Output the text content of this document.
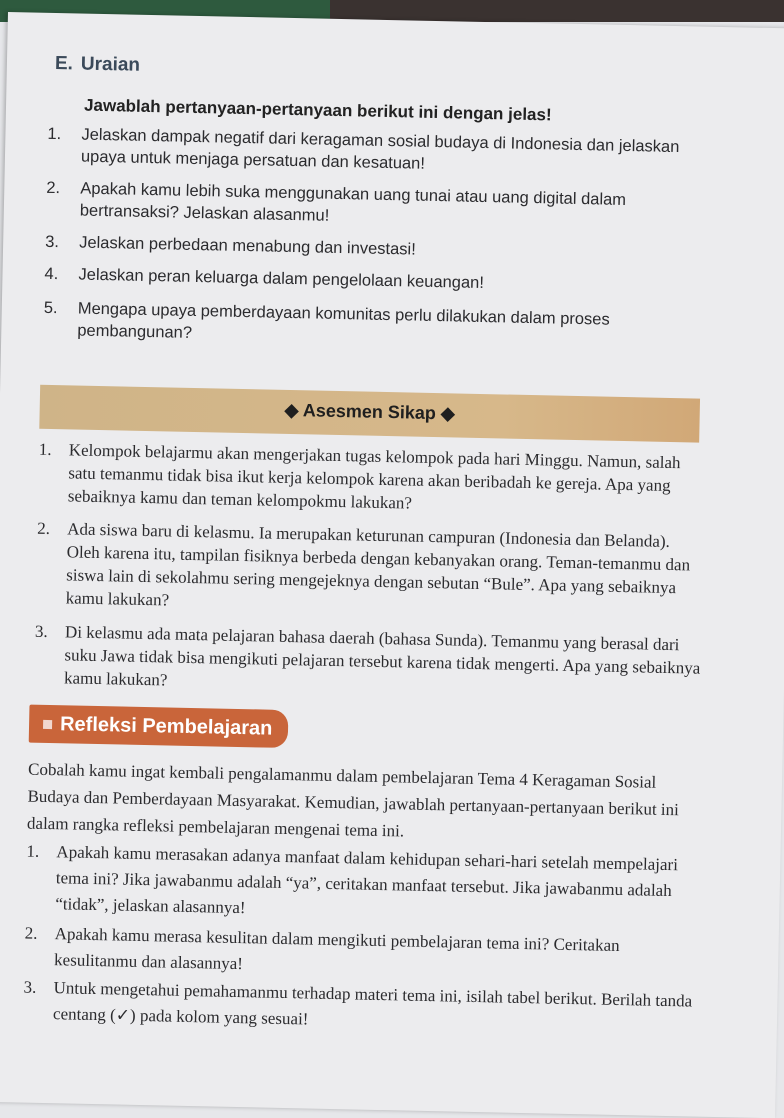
E. Uraian
Jawablah pertanyaan-pertanyaan berikut ini dengan jelas!
1. Jelaskan dampak negatif dari keragaman sosial budaya di Indonesia dan jelaskan upaya untuk menjaga persatuan dan kesatuan!
2. Apakah kamu lebih suka menggunakan uang tunai atau uang digital dalam bertransaksi? Jelaskan alasanmu!
3. Jelaskan perbedaan menabung dan investasi!
4. Jelaskan peran keluarga dalam pengelolaan keuangan!
5. Mengapa upaya pemberdayaan komunitas perlu dilakukan dalam proses pembangunan?
◆ Asesmen Sikap ◆
1. Kelompok belajarmu akan mengerjakan tugas kelompok pada hari Minggu. Namun, salah satu temanmu tidak bisa ikut kerja kelompok karena akan beribadah ke gereja. Apa yang sebaiknya kamu dan teman kelompokmu lakukan?
2. Ada siswa baru di kelasmu. Ia merupakan keturunan campuran (Indonesia dan Belanda). Oleh karena itu, tampilan fisiknya berbeda dengan kebanyakan orang. Teman-temanmu dan siswa lain di sekolahmu sering mengejeknya dengan sebutan “Bule”. Apa yang sebaiknya kamu lakukan?
3. Di kelasmu ada mata pelajaran bahasa daerah (bahasa Sunda). Temanmu yang berasal dari suku Jawa tidak bisa mengikuti pelajaran tersebut karena tidak mengerti. Apa yang sebaiknya kamu lakukan?
Refleksi Pembelajaran
Cobalah kamu ingat kembali pengalamanmu dalam pembelajaran Tema 4 Keragaman Sosial Budaya dan Pemberdayaan Masyarakat. Kemudian, jawablah pertanyaan-pertanyaan berikut ini dalam rangka refleksi pembelajaran mengenai tema ini.
1. Apakah kamu merasakan adanya manfaat dalam kehidupan sehari-hari setelah mempelajari tema ini? Jika jawabanmu adalah “ya”, ceritakan manfaat tersebut. Jika jawabanmu adalah “tidak”, jelaskan alasannya!
2. Apakah kamu merasa kesulitan dalam mengikuti pembelajaran tema ini? Ceritakan kesulitanmu dan alasannya!
3. Untuk mengetahui pemahamanmu terhadap materi tema ini, isilah tabel berikut. Berilah tanda centang (✓) pada kolom yang sesuai!
